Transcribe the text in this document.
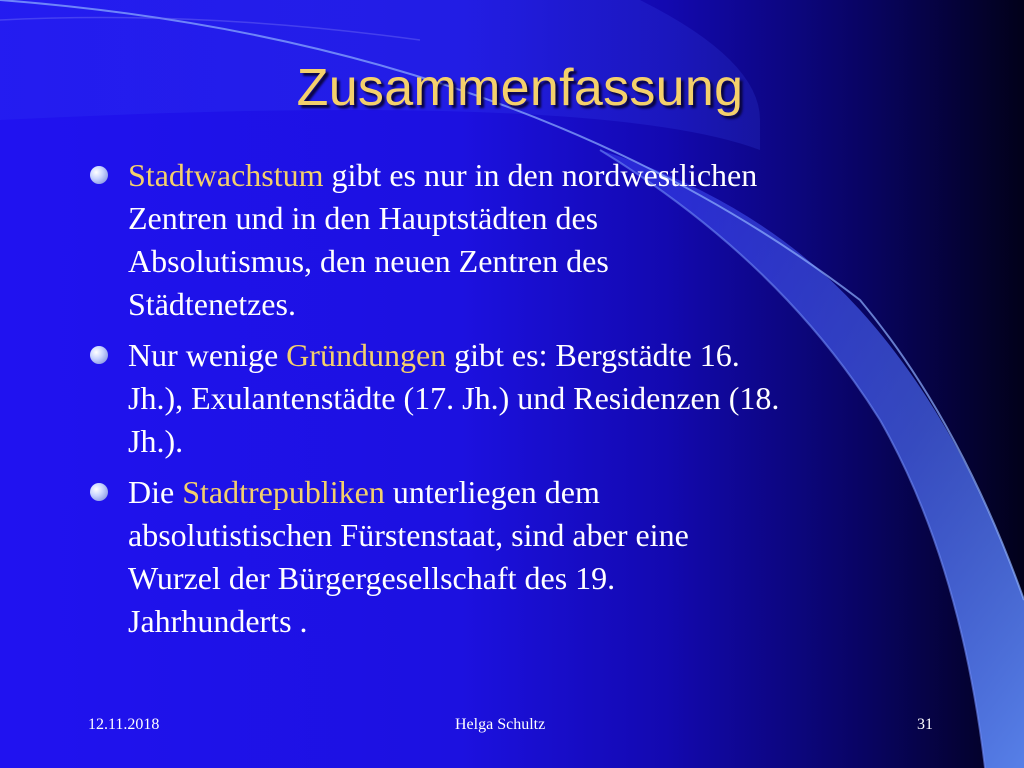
Zusammenfassung
Stadtwachstum gibt es nur in den nordwestlichen
Zentren und in den Hauptstädten des
Absolutismus, den neuen Zentren des
Städtenetzes.
Nur wenige Gründungen gibt es: Bergstädte 16.
Jh.), Exulantenstädte (17. Jh.) und Residenzen (18.
Jh.).
Die Stadtrepubliken unterliegen dem
absolutistischen Fürstenstaat, sind aber eine
Wurzel der Bürgergesellschaft des 19.
Jahrhunderts .
12.11.2018	Helga Schultz	31
